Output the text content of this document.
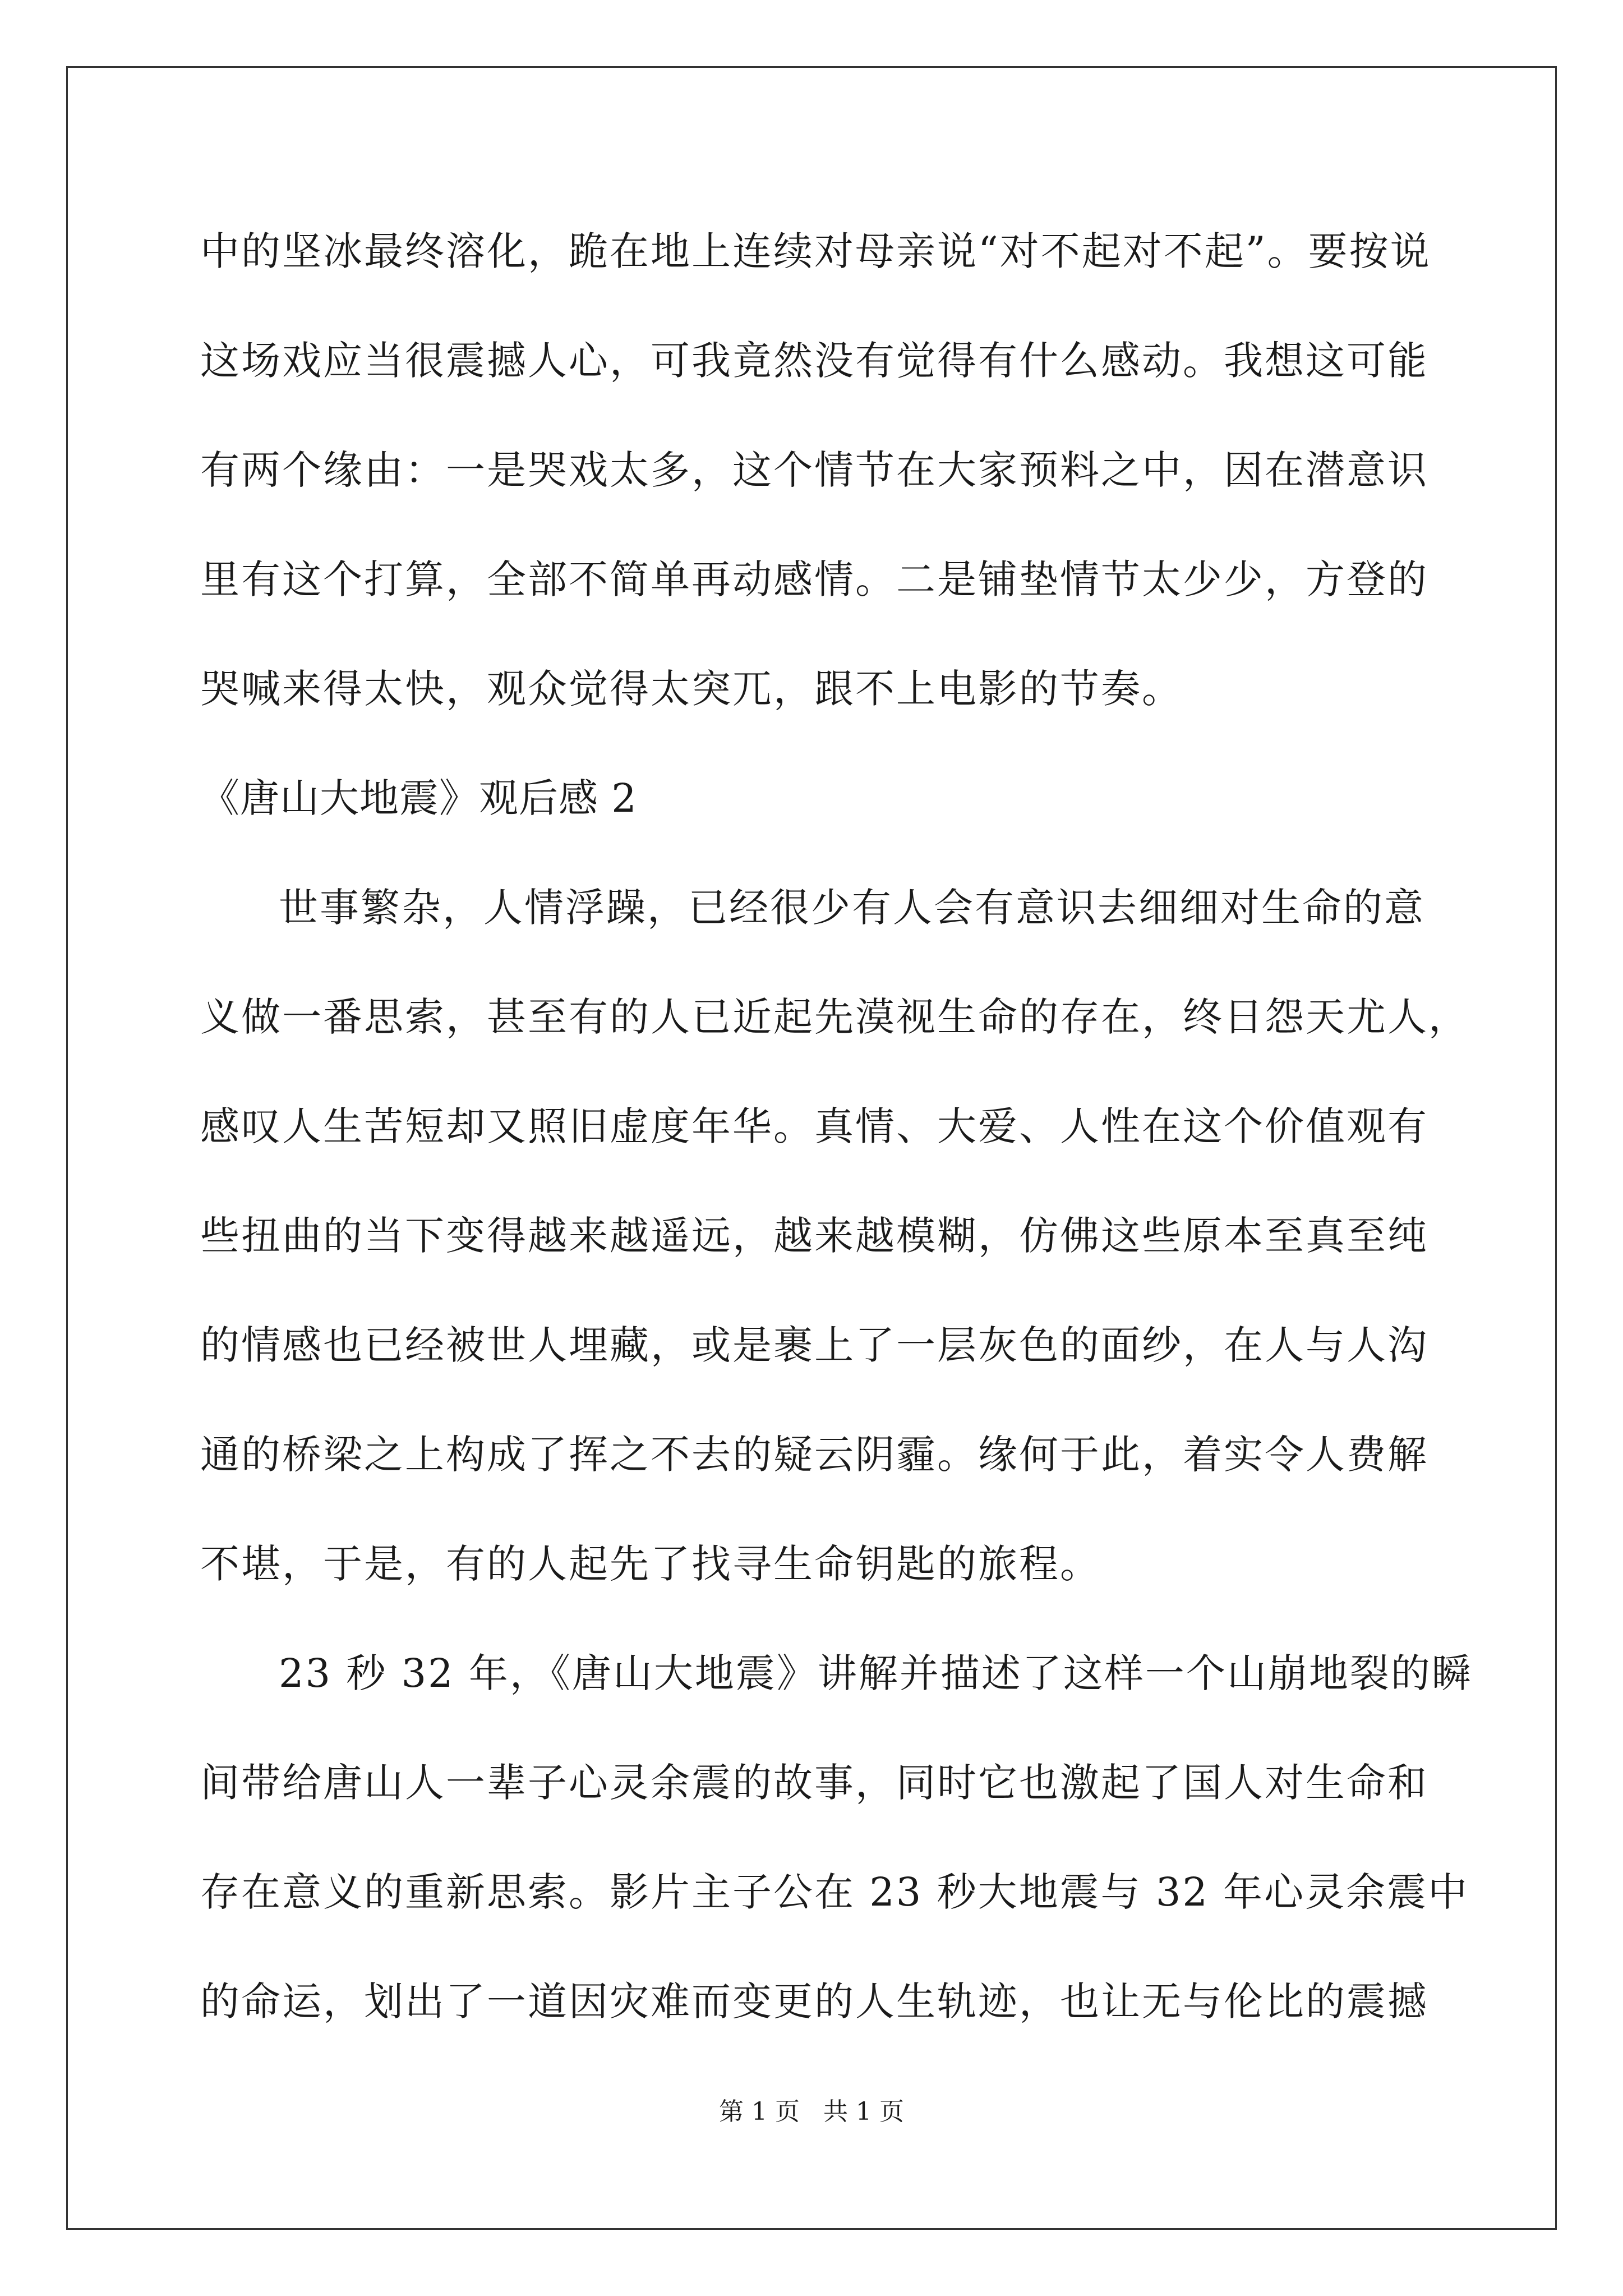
中的坚冰最终溶化，跪在地上连续对母亲说“对不起对不起”。要按说
这场戏应当很震撼人心，可我竟然没有觉得有什么感动。我想这可能
有两个缘由：一是哭戏太多，这个情节在大家预料之中，因在潜意识
里有这个打算，全部不简单再动感情。二是铺垫情节太少少，方登的
哭喊来得太快，观众觉得太突兀，跟不上电影的节奏。
《唐山大地震》观后感 2
世事繁杂，人情浮躁，已经很少有人会有意识去细细对生命的意
义做一番思索，甚至有的人已近起先漠视生命的存在，终日怨天尤人，
感叹人生苦短却又照旧虚度年华。真情、大爱、人性在这个价值观有
些扭曲的当下变得越来越遥远，越来越模糊，仿佛这些原本至真至纯
的情感也已经被世人埋藏，或是裹上了一层灰色的面纱，在人与人沟
通的桥梁之上构成了挥之不去的疑云阴霾。缘何于此，着实令人费解
不堪，于是，有的人起先了找寻生命钥匙的旅程。
23 秒 32 年，《唐山大地震》讲解并描述了这样一个山崩地裂的瞬
间带给唐山人一辈子心灵余震的故事，同时它也激起了国人对生命和
存在意义的重新思索。影片主子公在 23 秒大地震与 32 年心灵余震中
的命运，划出了一道因灾难而变更的人生轨迹，也让无与伦比的震撼
第 1 页   共 1 页
